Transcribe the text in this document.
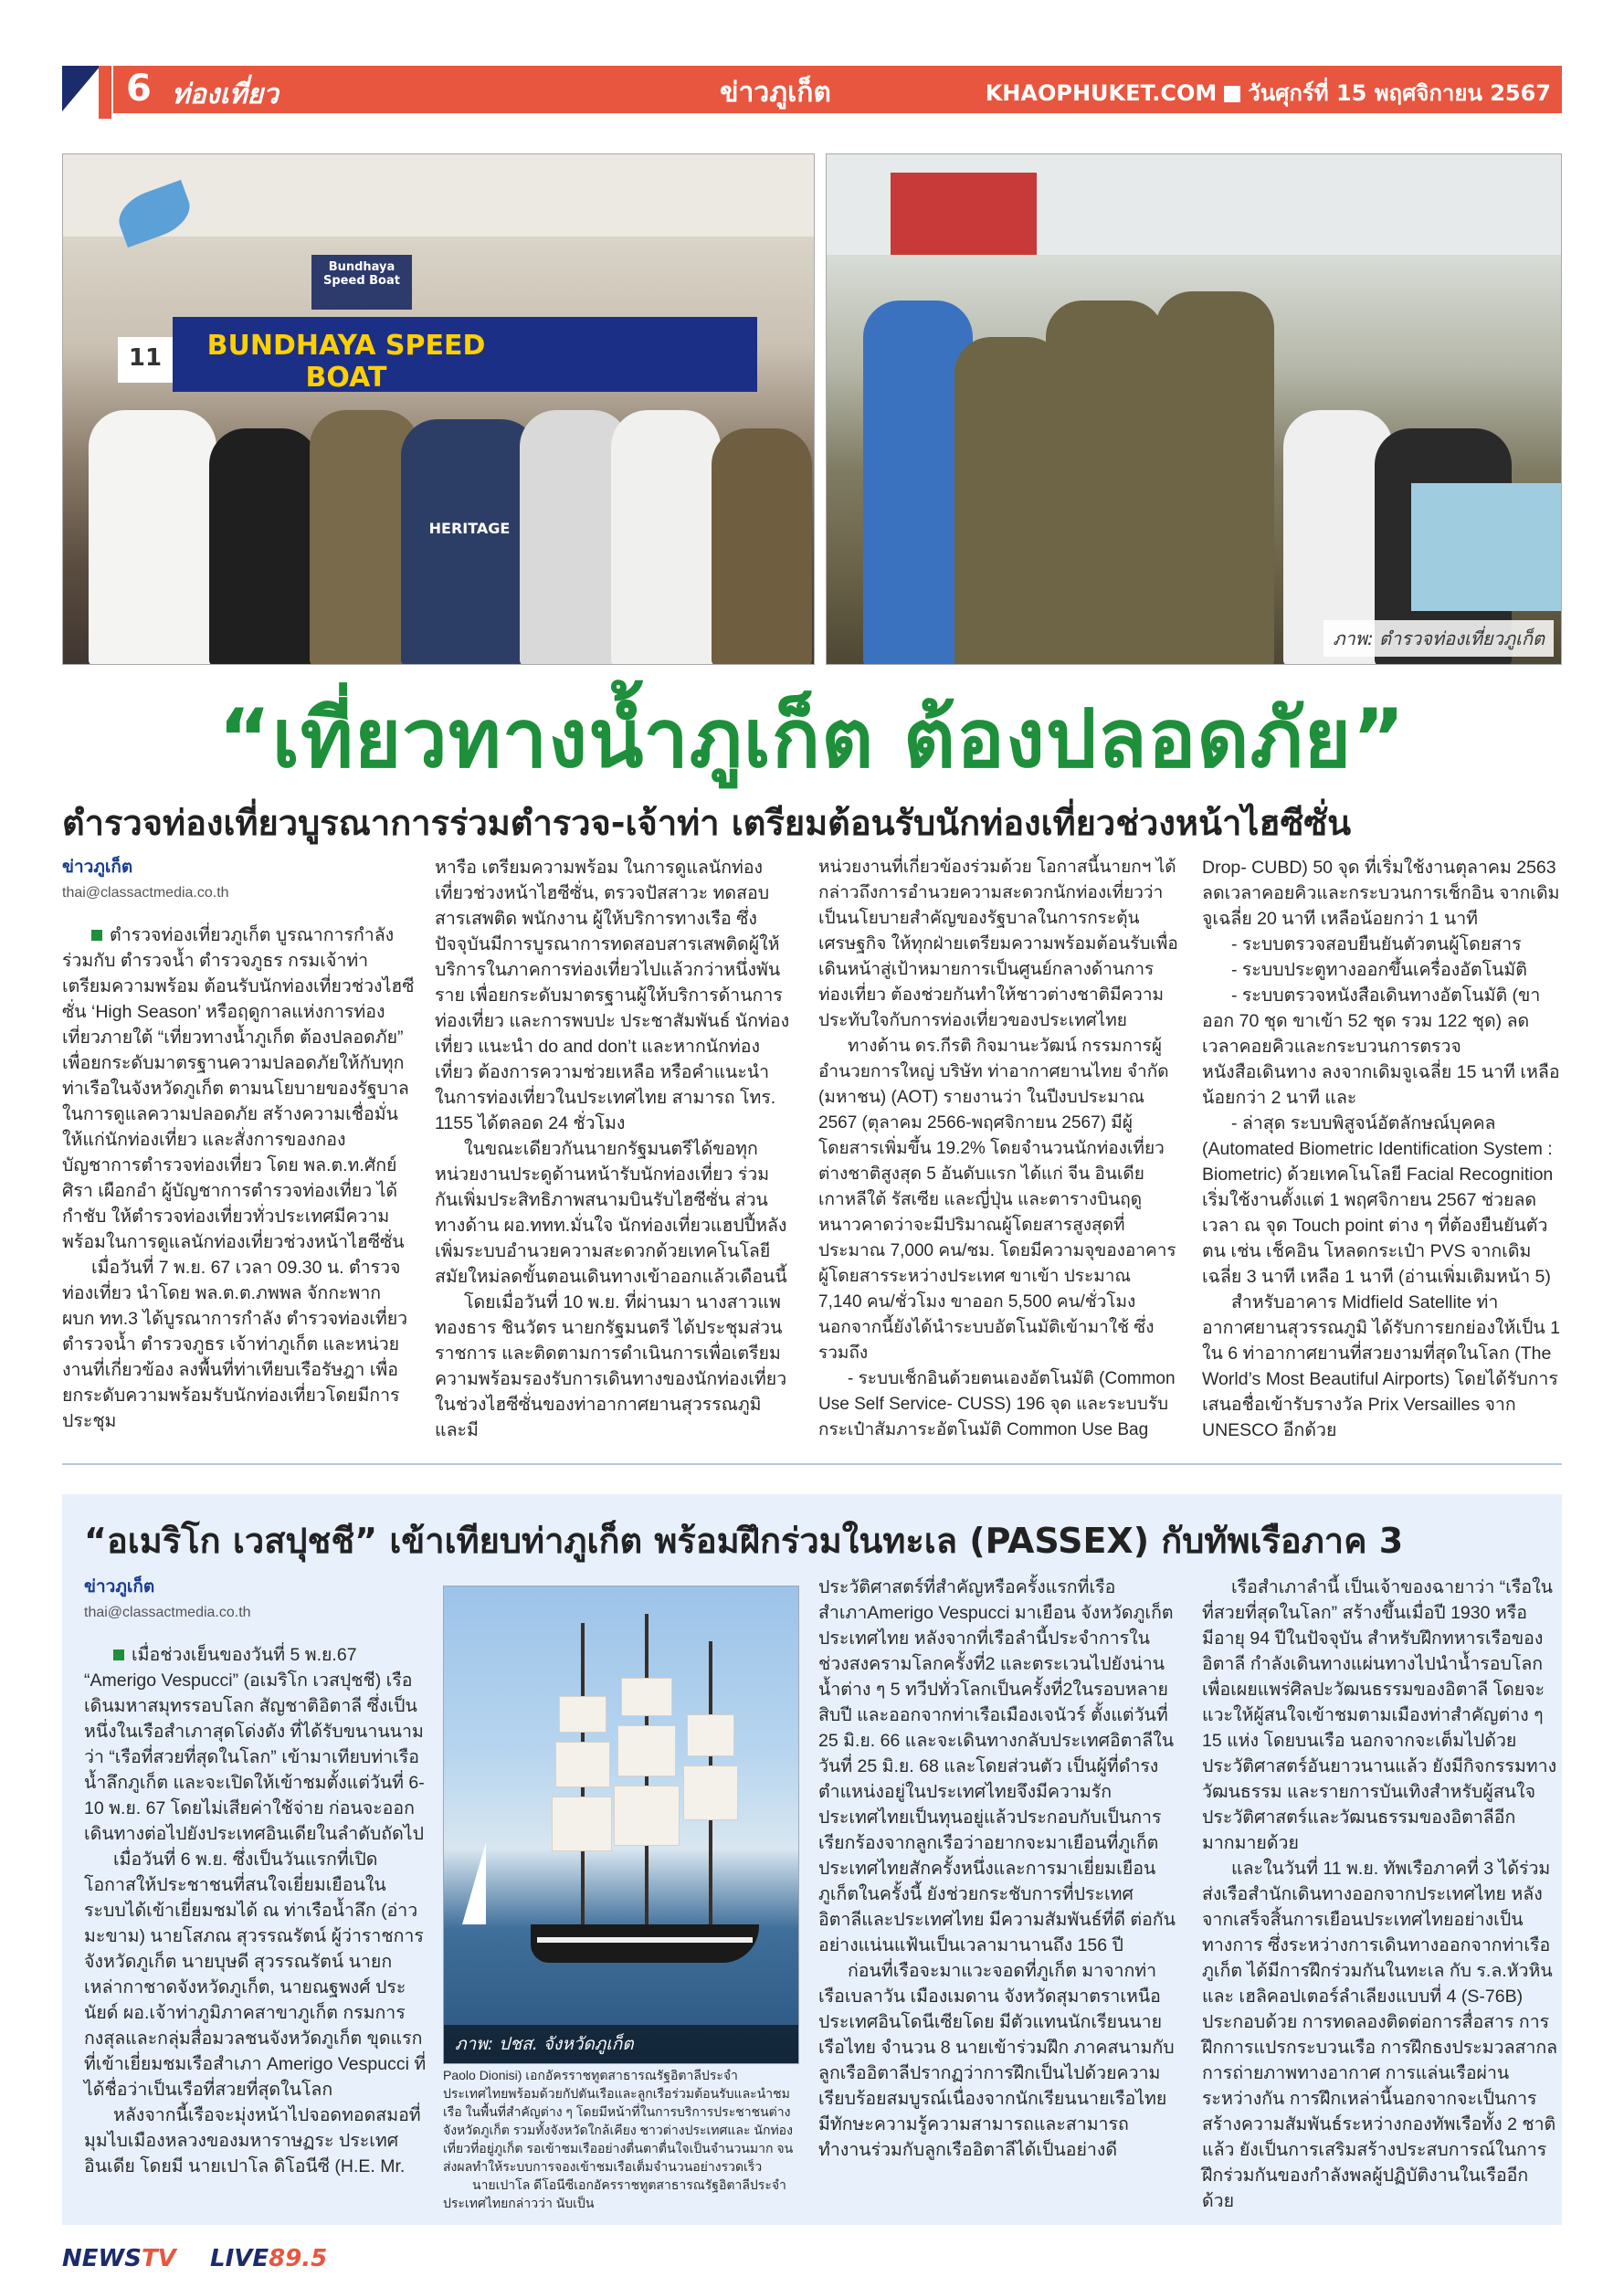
6 ท่องเที่ยว	ข่าวภูเก็ต	KHAOPHUKET.COM วันศุกร์ที่ 15 พฤศจิกายน 2567
Bundhaya Speed Boat
BUNDHAYA SPEED BOAT
11
HERITAGE
ภาพ: ตำรวจท่องเที่ยวภูเก็ต
“เที่ยวทางน้ำภูเก็ต ต้องปลอดภัย”
ตำรวจท่องเที่ยวบูรณาการร่วมตำรวจ-เจ้าท่า เตรียมต้อนรับนักท่องเที่ยวช่วงหน้าไฮซีซั่น
ข่าวภูเก็ต
thai@classactmedia.co.th

ตำรวจท่องเที่ยวภูเก็ต บูรณาการกำลังร่วมกับ ตำรวจน้ำ ตำรวจภูธร กรมเจ้าท่า เตรียมความพร้อม ต้อนรับนักท่องเที่ยวช่วงไฮซีซั่น ‘High Season’ หรือฤดูกาลแห่งการท่องเที่ยวภายใต้ “เที่ยวทางน้ำภูเก็ต ต้องปลอดภัย” เพื่อยกระดับมาตรฐานความปลอดภัยให้กับทุกท่าเรือในจังหวัดภูเก็ต ตามนโยบายของรัฐบาล ในการดูแลความปลอดภัย สร้างความเชื่อมั่น ให้แก่นักท่องเที่ยว และสั่งการของกองบัญชาการตำรวจท่องเที่ยว โดย พล.ต.ท.ศักย์ศิรา เผือกอำ ผู้บัญชาการตำรวจท่องเที่ยว ได้กำชับ ให้ตำรวจท่องเที่ยวทั่วประเทศมีความพร้อมในการดูแลนักท่องเที่ยวช่วงหน้าไฮซีซั่น

เมื่อวันที่ 7 พ.ย. 67 เวลา 09.30 น. ตำรวจท่องเที่ยว นำโดย พล.ต.ต.ภพพล จักกะพาก ผบก ทท.3 ได้บูรณาการกำลัง ตำรวจท่องเที่ยว ตำรวจน้ำ ตำรวจภูธร เจ้าท่าภูเก็ต และหน่วยงานที่เกี่ยวข้อง ลงพื้นที่ท่าเทียบเรือรัษฎา เพื่อยกระดับความพร้อมรับนักท่องเที่ยวโดยมีการ ประชุม

หารือ เตรียมความพร้อม ในการดูแลนักท่องเที่ยวช่วงหน้าไฮซีซั่น, ตรวจปัสสาวะ ทดสอบสารเสพติด พนักงาน ผู้ให้บริการทางเรือ ซึ่งปัจจุบันมีการบูรณาการทดสอบสารเสพติดผู้ให้บริการในภาคการท่องเที่ยวไปแล้วกว่าหนึ่งพันราย เพื่อยกระดับมาตรฐานผู้ให้บริการด้านการท่องเที่ยว และการพบปะ ประชาสัมพันธ์ นักท่องเที่ยว แนะนำ do and don’t และหากนักท่องเที่ยว ต้องการความช่วยเหลือ หรือคำแนะนำ ในการท่องเที่ยวในประเทศไทย สามารถ โทร. 1155 ได้ตลอด 24 ชั่วโมง

ในขณะเดียวกันนายกรัฐมนตรีได้ขอทุกหน่วยงานประดูด้านหน้ารับนักท่องเที่ยว ร่วมกันเพิ่มประสิทธิภาพสนามบินรับไฮซีซั่น ส่วนทางด้าน ผอ.ททท.มั่นใจ นักท่องเที่ยวแฮปปี้หลังเพิ่มระบบอำนวยความสะดวกด้วยเทคโนโลยีสมัยใหม่ลดขั้นตอนเดินทางเข้าออกแล้วเดือนนี้

โดยเมื่อวันที่ 10 พ.ย. ที่ผ่านมา นางสาวแพทองธาร ชินวัตร นายกรัฐมนตรี ได้ประชุมส่วนราชการ และติดตามการดำเนินการเพื่อเตรียมความพร้อมรองรับการเดินทางของนักท่องเที่ยวในช่วงไฮซีซั่นของท่าอากาศยานสุวรรณภูมิ และมี

หน่วยงานที่เกี่ยวข้องร่วมด้วย โอกาสนี้นายกฯ ได้กล่าวถึงการอำนวยความสะดวกนักท่องเที่ยวว่าเป็นนโยบายสำคัญของรัฐบาลในการกระตุ้นเศรษฐกิจ ให้ทุกฝ่ายเตรียมความพร้อมต้อนรับเพื่อเดินหน้าสู่เป้าหมายการเป็นศูนย์กลางด้านการท่องเที่ยว ต้องช่วยกันทำให้ชาวต่างชาติมีความประทับใจกับการท่องเที่ยวของประเทศไทย

ทางด้าน ดร.กีรติ กิจมานะวัฒน์ กรรมการผู้อำนวยการใหญ่ บริษัท ท่าอากาศยานไทย จำกัด (มหาชน) (AOT) รายงานว่า ในปีงบประมาณ 2567 (ตุลาคม 2566-พฤศจิกายน 2567) มีผู้โดยสารเพิ่มขึ้น 19.2% โดยจำนวนนักท่องเที่ยวต่างชาติสูงสุด 5 อันดับแรก ได้แก่ จีน อินเดีย เกาหลีใต้ รัสเซีย และญี่ปุ่น และตารางบินฤดูหนาวคาดว่าจะมีปริมาณผู้โดยสารสูงสุดที่ประมาณ 7,000 คน/ชม. โดยมีความจุของอาคารผู้โดยสารระหว่างประเทศ ขาเข้า ประมาณ 7,140 คน/ชั่วโมง ขาออก 5,500 คน/ชั่วโมง นอกจากนี้ยังได้นำระบบอัตโนมัติเข้ามาใช้ ซึ่งรวมถึง

- ระบบเช็กอินด้วยตนเองอัตโนมัติ (Common Use Self Service- CUSS) 196 จุด และระบบรับกระเป๋าสัมภาระอัตโนมัติ Common Use Bag

Drop- CUBD) 50 จุด ที่เริ่มใช้งานตุลาคม 2563 ลดเวลาคอยคิวและกระบวนการเช็กอิน จากเดิมจูเฉลี่ย 20 นาที เหลือน้อยกว่า 1 นาที

- ระบบตรวจสอบยืนยันตัวตนผู้โดยสาร

- ระบบประตูทางออกขึ้นเครื่องอัตโนมัติ

- ระบบตรวจหนังสือเดินทางอัตโนมัติ (ขาออก 70 ชุด ขาเข้า 52 ชุด รวม 122 ชุด) ลดเวลาคอยคิวและกระบวนการตรวจหนังสือเดินทาง ลงจากเดิมจูเฉลี่ย 15 นาที เหลือน้อยกว่า 2 นาที และ

- ล่าสุด ระบบพิสูจน์อัตลักษณ์บุคคล (Automated Biometric Identification System : Biometric) ด้วยเทคโนโลยี Facial Recognition เริ่มใช้งานตั้งแต่ 1 พฤศจิกายน 2567 ช่วยลดเวลา ณ จุด Touch point ต่าง ๆ ที่ต้องยืนยันตัวตน เช่น เช็คอิน โหลดกระเป๋า PVS จากเดิมเฉลี่ย 3 นาที เหลือ 1 นาที (อ่านเพิ่มเติมหน้า 5)

สำหรับอาคาร Midfield Satellite ท่าอากาศยานสุวรรณภูมิ ได้รับการยกย่องให้เป็น 1 ใน 6 ท่าอากาศยานที่สวยงามที่สุดในโลก (The World’s Most Beautiful Airports) โดยได้รับการเสนอชื่อเข้ารับรางวัล Prix Versailles จาก UNESCO อีกด้วย

“อเมริโก เวสปุชชี” เข้าเทียบท่าภูเก็ต พร้อมฝึกร่วมในทะเล (PASSEX) กับทัพเรือภาค 3
ข่าวภูเก็ต
thai@classactmedia.co.th

เมื่อช่วงเย็นของวันที่ 5 พ.ย.67 “Amerigo Vespucci” (อเมริโก เวสปุชชี) เรือเดินมหาสมุทรรอบโลก สัญชาติอิตาลี ซึ่งเป็นหนึ่งในเรือสำเภาสุดโด่งดัง ที่ได้รับขนานนามว่า “เรือที่สวยที่สุดในโลก” เข้ามาเทียบท่าเรือน้ำลึกภูเก็ต และจะเปิดให้เข้าชมตั้งแต่วันที่ 6-10 พ.ย. 67 โดยไม่เสียค่าใช้จ่าย ก่อนจะออกเดินทางต่อไปยังประเทศอินเดียในลำดับถัดไป

เมื่อวันที่ 6 พ.ย. ซึ่งเป็นวันแรกที่เปิดโอกาสให้ประชาชนที่สนใจเยี่ยมเยือนในระบบได้เข้าเยี่ยมชมได้ ณ ท่าเรือน้ำลึก (อ่าวมะขาม) นายโสภณ สุวรรณรัตน์ ผู้ว่าราชการจังหวัดภูเก็ต นายบุษดี สุวรรณรัตน์ นายกเหล่ากาชาดจังหวัดภูเก็ต, นายณฐพงศ์ ประนัยด์ ผอ.เจ้าท่าภูมิภาคสาขาภูเก็ต กรมการกงสุลและกลุ่มสื่อมวลชนจังหวัดภูเก็ต ขุดแรกที่เข้าเยี่ยมชมเรือสำเภา Amerigo Vespucci ที่ได้ชื่อว่าเป็นเรือที่สวยที่สุดในโลก

หลังจากนี้เรือจะมุ่งหน้าไปจอดทอดสมอที่มุมไบเมืองหลวงของมหาราษฏระ ประเทศอินเดีย โดยมี นายเปาโล ดิโอนีซี (H.E. Mr.

ภาพ: ปชส. จังหวัดภูเก็ต

Paolo Dionisi) เอกอัครราชทูตสาธารณรัฐอิตาลีประจำประเทศไทยพร้อมด้วยกัปตันเรือและลูกเรือร่วมต้อนรับและนำชมเรือ ในพื้นที่สำคัญต่าง ๆ โดยมีหน้าที่ในการบริการประชาชนต่าง จังหวัดภูเก็ต รวมทั้งจังหวัดใกล้เคียง ชาวต่างประเทศและ นักท่องเที่ยวที่อยู่ภูเก็ต รอเข้าชมเรืออย่างตื่นตาตื่นใจเป็นจำนวนมาก จนส่งผลทำให้ระบบการจองเข้าชมเรือเต็มจำนวนอย่างรวดเร็ว

นายเปาโล ดีโอนีซีเอกอัครราชทูตสาธารณรัฐอิตาลีประจำประเทศไทยกล่าวว่า นับเป็น

ประวัติศาสตร์ที่สำคัญหรือครั้งแรกที่เรือสำเภาAmerigo Vespucci มาเยือน จังหวัดภูเก็ต ประเทศไทย หลังจากที่เรือลำนี้ประจำการในช่วงสงครามโลกครั้งที่2 และตระเวนไปยังน่านน้ำต่าง ๆ 5 ทวีปทั่วโลกเป็นครั้งที่2ในรอบหลายสิบปี และออกจากท่าเรือเมืองเจนัวร์ ตั้งแต่วันที่ 25 มิ.ย. 66 และจะเดินทางกลับประเทศอิตาลีในวันที่ 25 มิ.ย. 68 และโดยส่วนตัว เป็นผู้ที่ดำรงตำแหน่งอยู่ในประเทศไทยจึงมีความรักประเทศไทยเป็นทุนอยู่แล้วประกอบกับเป็นการเรียกร้องจากลูกเรือว่าอยากจะมาเยือนที่ภูเก็ตประเทศไทยสักครั้งหนึ่งและการมาเยี่ยมเยือนภูเก็ตในครั้งนี้ ยังช่วยกระชับการที่ประเทศอิตาลีและประเทศไทย มีความสัมพันธ์ที่ดี ต่อกันอย่างแน่นแฟ้นเป็นเวลามานานถึง 156 ปี

ก่อนที่เรือจะมาแวะจอดที่ภูเก็ต มาจากท่าเรือเบลาวัน เมืองเมดาน จังหวัดสุมาตราเหนือ ประเทศอินโดนีเซียโดย มีตัวแทนนักเรียนนายเรือไทย จำนวน 8 นายเข้าร่วมฝึก ภาคสนามกับลูกเรืออิตาลีปรากฏว่าการฝึกเป็นไปด้วยความเรียบร้อยสมบูรณ์เนื่องจากนักเรียนนายเรือไทยมีทักษะความรู้ความสามารถและสามารถทำงานร่วมกับลูกเรืออิตาลีได้เป็นอย่างดี

เรือสำเภาลำนี้ เป็นเจ้าของฉายาว่า “เรือในที่สวยที่สุดในโลก” สร้างขึ้นเมื่อปี 1930 หรือมีอายุ 94 ปีในปัจจุบัน สำหรับฝึกทหารเรือของอิตาลี กำลังเดินทางแผ่นทางไปนำน้ำรอบโลกเพื่อเผยแพร่ศิลปะวัฒนธรรมของอิตาลี โดยจะแวะให้ผู้สนใจเข้าชมตามเมืองท่าสำคัญต่าง ๆ 15 แห่ง โดยบนเรือ นอกจากจะเต็มไปด้วยประวัติศาสตร์อันยาวนานแล้ว ยังมีกิจกรรมทางวัฒนธรรม และรายการบันเทิงสำหรับผู้สนใจประวัติศาสตร์และวัฒนธรรมของอิตาลีอีกมากมายด้วย

และในวันที่ 11 พ.ย. ทัพเรือภาคที่ 3 ได้ร่วมส่งเรือสำนักเดินทางออกจากประเทศไทย หลังจากเสร็จสิ้นการเยือนประเทศไทยอย่างเป็นทางการ ซึ่งระหว่างการเดินทางออกจากท่าเรือภูเก็ต ได้มีการฝึกร่วมกันในทะเล กับ ร.ล.หัวหิน และ เฮลิคอปเตอร์ลำเลียงแบบที่ 4 (S-76B) ประกอบด้วย การทดลองติดต่อการสื่อสาร การฝึกการแปรกระบวนเรือ การฝึกธงประมวลสากล การถ่ายภาพทางอากาศ การแล่นเรือผ่านระหว่างกัน การฝึกเหล่านี้นอกจากจะเป็นการสร้างความสัมพันธ์ระหว่างกองทัพเรือทั้ง 2 ชาติแล้ว ยังเป็นการเสริมสร้างประสบการณ์ในการฝึกร่วมกันของกำลังพลผู้ปฏิบัติงานในเรืออีกด้วย

NEWSTV LIVE89.5
